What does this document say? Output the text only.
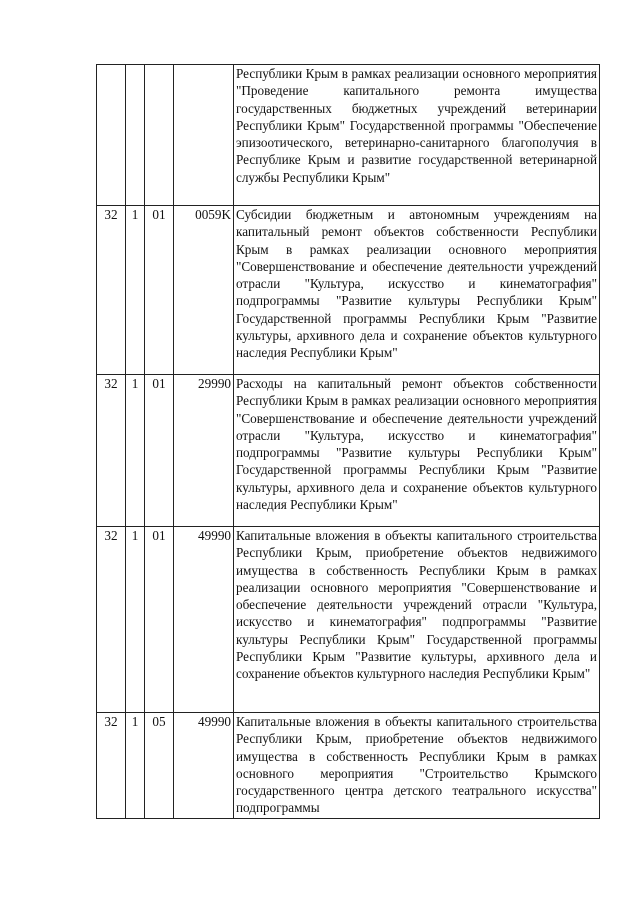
				Республики Крым в рамках реализации основного мероприятия "Проведение капитального ремонта имущества государственных бюджетных учреждений ветеринарии Республики Крым" Государственной программы "Обеспечение эпизоотического, ветеринарно-санитарного благополучия в Республике Крым и развитие государственной ветеринарной службы Республики Крым"
32	1	01	0059K	Субсидии бюджетным и автономным учреждениям на капитальный ремонт объектов собственности Республики Крым в рамках реализации основного мероприятия "Совершенствование и обеспечение деятельности учреждений отрасли "Культура, искусство и кинематография" подпрограммы "Развитие культуры Республики Крым" Государственной программы Республики Крым "Развитие культуры, архивного дела и сохранение объектов культурного наследия Республики Крым"
32	1	01	29990	Расходы на капитальный ремонт объектов собственности Республики Крым в рамках реализации основного мероприятия "Совершенствование и обеспечение деятельности учреждений отрасли "Культура, искусство и кинематография" подпрограммы "Развитие культуры Республики Крым" Государственной программы Республики Крым "Развитие культуры, архивного дела и сохранение объектов культурного наследия Республики Крым"
32	1	01	49990	Капитальные вложения в объекты капитального строительства Республики Крым, приобретение объектов недвижимого имущества в собственность Республики Крым в рамках реализации основного мероприятия "Совершенствование и обеспечение деятельности учреждений отрасли "Культура, искусство и кинематография" подпрограммы "Развитие культуры Республики Крым" Государственной программы Республики Крым "Развитие культуры, архивного дела и сохранение объектов культурного наследия Республики Крым"
32	1	05	49990	Капитальные вложения в объекты капитального строительства Республики Крым, приобретение объектов недвижимого имущества в собственность Республики Крым в рамках основного мероприятия "Строительство Крымского государственного центра детского театрального искусства" подпрограммы
